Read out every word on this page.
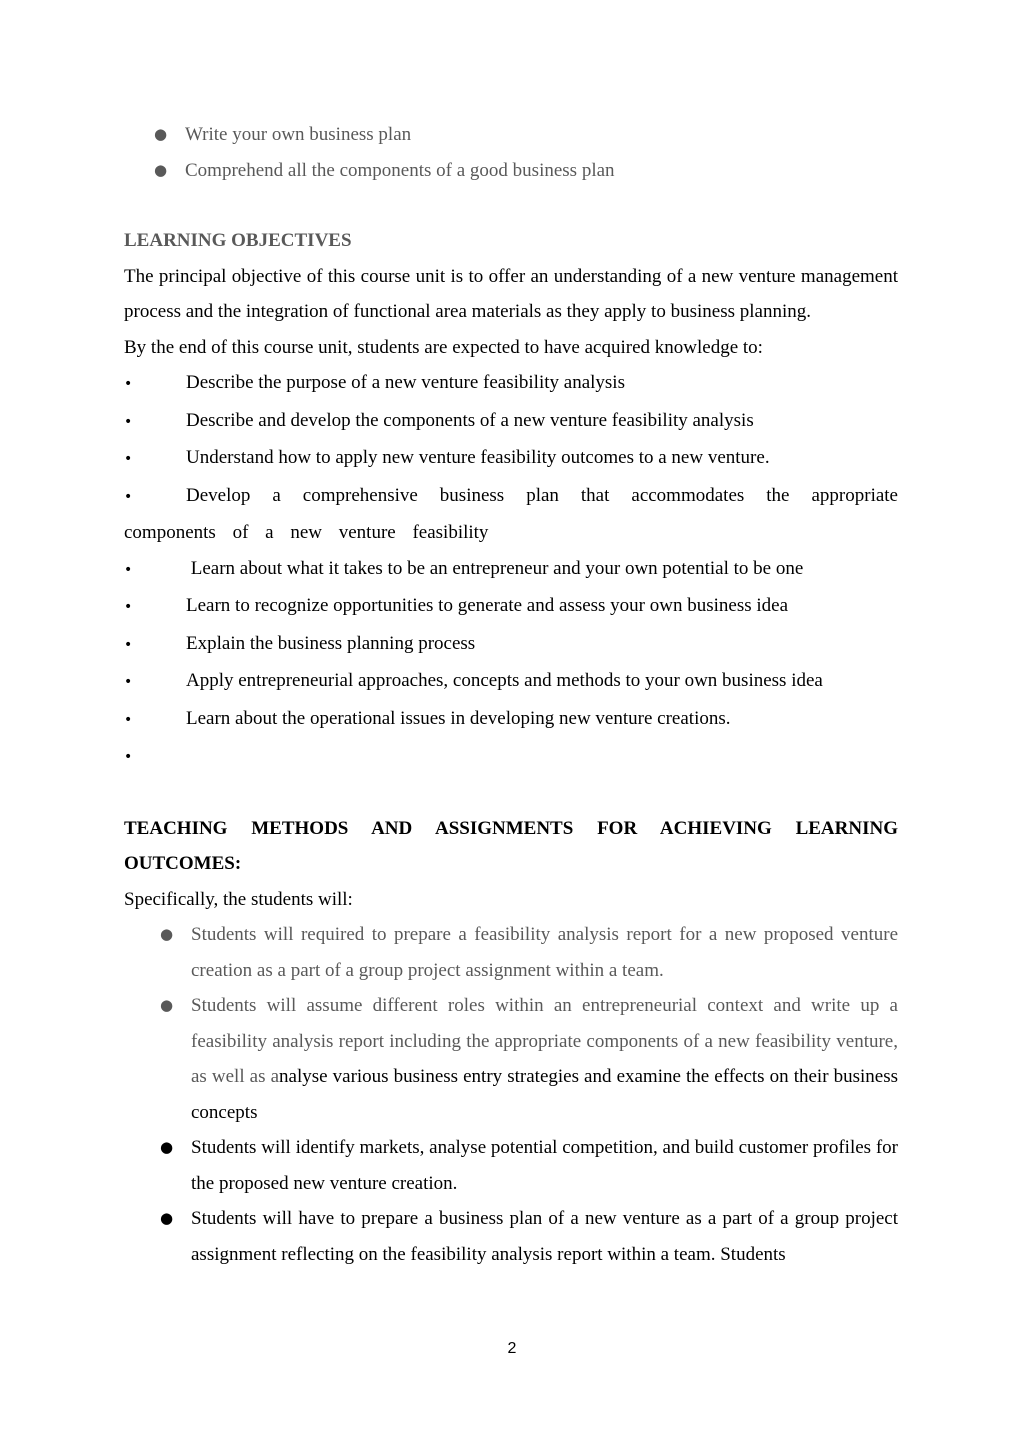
● Write your own business plan
● Comprehend all the components of a good business plan
LEARNING OBJECTIVES

The principal objective of this course unit is to offer an understanding of a new venture management process and the integration of functional area materials as they apply to business planning.

By the end of this course unit, students are expected to have acquired knowledge to:

•	Describe the purpose of a new venture feasibility analysis
•	Describe and develop the components of a new venture feasibility analysis
•	Understand how to apply new venture feasibility outcomes to a new venture.
•	Develop a comprehensive business plan that accommodates the appropriate components of a new venture feasibility
•	Learn about what it takes to be an entrepreneur and your own potential to be one
•	Learn to recognize opportunities to generate and assess your own business idea
•	Explain the business planning process
•	Apply entrepreneurial approaches, concepts and methods to your own business idea
•	Learn about the operational issues in developing new venture creations.
•
TEACHING METHODS AND ASSIGNMENTS FOR ACHIEVING LEARNING OUTCOMES:

Specifically, the students will:

● Students will required to prepare a feasibility analysis report for a new proposed venture creation as a part of a group project assignment within a team.
● Students will assume different roles within an entrepreneurial context and write up a feasibility analysis report including the appropriate components of a new feasibility venture, as well as analyse various business entry strategies and examine the effects on their business concepts
● Students will identify markets, analyse potential competition, and build customer profiles for the proposed new venture creation.
● Students will have to prepare a business plan of a new venture as a part of a group project assignment reflecting on the feasibility analysis report within a team. Students
2
